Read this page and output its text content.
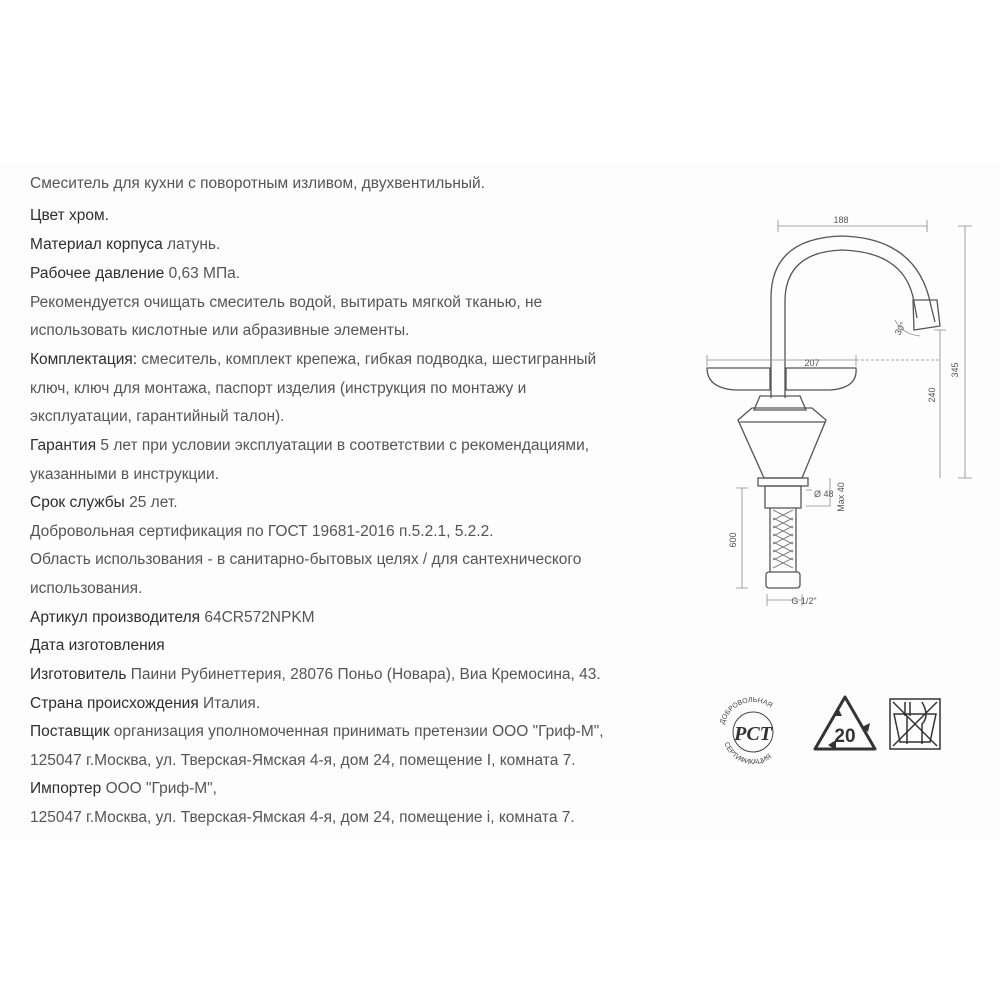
Смеситель для кухни с поворотным изливом, двухвентильный.
Цвет хром.
Материал корпуса латунь.
Рабочее давление 0,63 МПа.
Рекомендуется очищать смеситель водой, вытирать мягкой тканью, не
использовать кислотные или абразивные элементы.
Комплектация: смеситель, комплект крепежа, гибкая подводка, шестигранный
ключ, ключ для монтажа, паспорт изделия (инструкция по монтажу и
эксплуатации, гарантийный талон).
Гарантия 5 лет при условии эксплуатации в соответствии с рекомендациями,
указанными в инструкции.
Срок службы 25 лет.
Добровольная сертификация по ГОСТ 19681-2016 п.5.2.1, 5.2.2.
Область использования - в санитарно-бытовых целях / для сантехнического
использования.
Артикул производителя 64CR572NPKM
Дата изготовления
Изготовитель Паини Рубинеттерия, 28076 Поньо (Новара), Виа Кремосина, 43.
Страна происхождения Италия.
Поставщик организация уполномоченная принимать претензии ООО "Гриф-М",
125047 г.Москва, ул. Тверская-Ямская 4-я, дом 24, помещение I, комната 7.
Импортер ООО "Гриф-М",
125047 г.Москва, ул. Тверская-Ямская 4-я, дом 24, помещение i, комната 7.
188
207	345
240
30°
Ø 48 Max 40
600
G 1/2"
ДОБРОВОЛЬНАЯ
СЕРТИФИКАЦИЯ
РСТ	20
